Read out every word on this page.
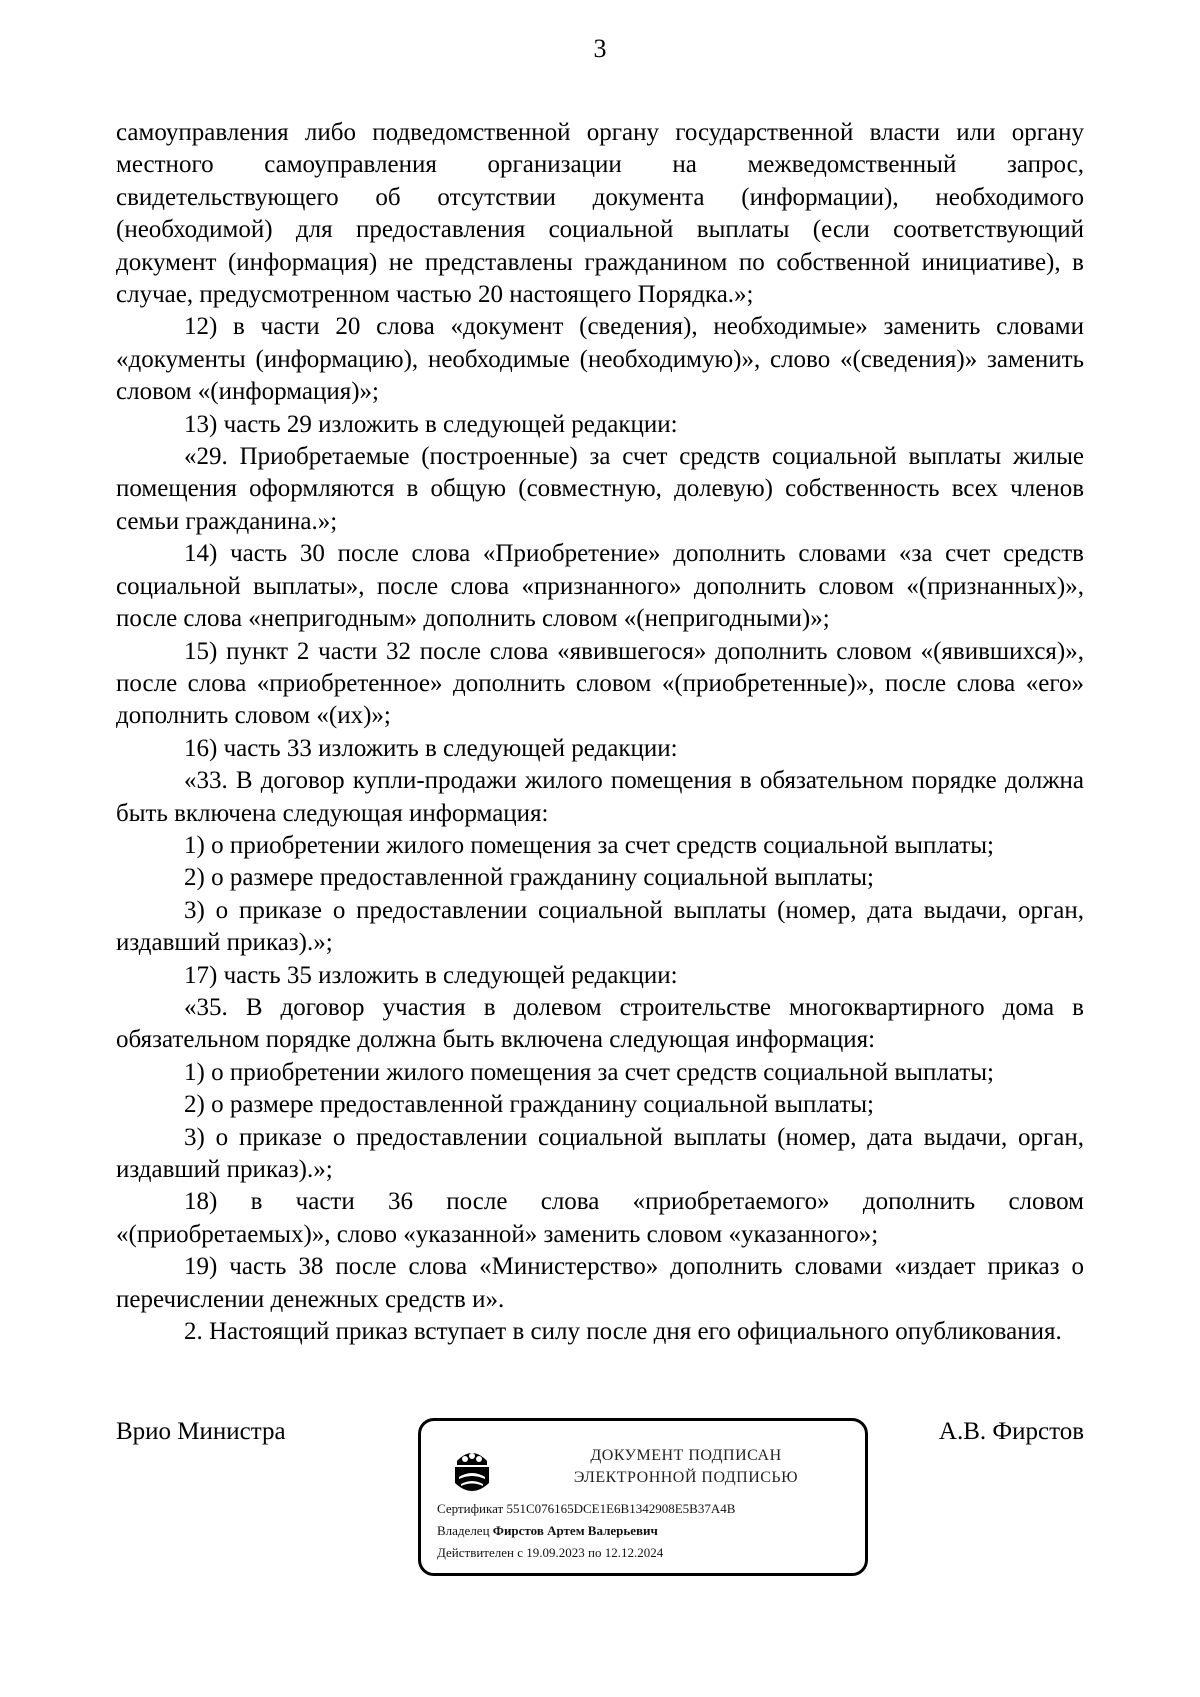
3

самоуправления либо подведомственной органу государственной власти или органу местного самоуправления организации на межведомственный запрос, свидетельствующего об отсутствии документа (информации), необходимого (необходимой) для предоставления социальной выплаты (если соответствующий документ (информация) не представлены гражданином по собственной инициативе), в случае, предусмотренном частью 20 настоящего Порядка.»;

12) в части 20 слова «документ (сведения), необходимые» заменить словами «документы (информацию), необходимые (необходимую)», слово «(сведения)» заменить словом «(информация)»;

13) часть 29 изложить в следующей редакции:

«29. Приобретаемые (построенные) за счет средств социальной выплаты жилые помещения оформляются в общую (совместную, долевую) собственность всех членов семьи гражданина.»;

14) часть 30 после слова «Приобретение» дополнить словами «за счет средств социальной выплаты», после слова «признанного» дополнить словом «(признанных)», после слова «непригодным» дополнить словом «(непригодными)»;

15) пункт 2 части 32 после слова «явившегося» дополнить словом «(явившихся)», после слова «приобретенное» дополнить словом «(приобретенные)», после слова «его» дополнить словом «(их)»;

16) часть 33 изложить в следующей редакции:

«33. В договор купли-продажи жилого помещения в обязательном порядке должна быть включена следующая информация:

1) о приобретении жилого помещения за счет средств социальной выплаты;

2) о размере предоставленной гражданину социальной выплаты;

3) о приказе о предоставлении социальной выплаты (номер, дата выдачи, орган, издавший приказ).»;

17) часть 35 изложить в следующей редакции:

«35. В договор участия в долевом строительстве многоквартирного дома в обязательном порядке должна быть включена следующая информация:

1) о приобретении жилого помещения за счет средств социальной выплаты;

2) о размере предоставленной гражданину социальной выплаты;

3) о приказе о предоставлении социальной выплаты (номер, дата выдачи, орган, издавший приказ).»;

18) в части 36 после слова «приобретаемого» дополнить словом «(приобретаемых)», слово «указанной» заменить словом «указанного»;

19) часть 38 после слова «Министерство» дополнить словами «издает приказ о перечислении денежных средств и».

2. Настоящий приказ вступает в силу после дня его официального опубликования.

Врио Министра	А.В. Фирстов
ДОКУМЕНТ ПОДПИСАН
ЭЛЕКТРОННОЙ ПОДПИСЬЮ
Сертификат 551C076165DCE1E6B1342908E5B37A4B
Владелец Фирстов Артем Валерьевич
Действителен с 19.09.2023 по 12.12.2024
